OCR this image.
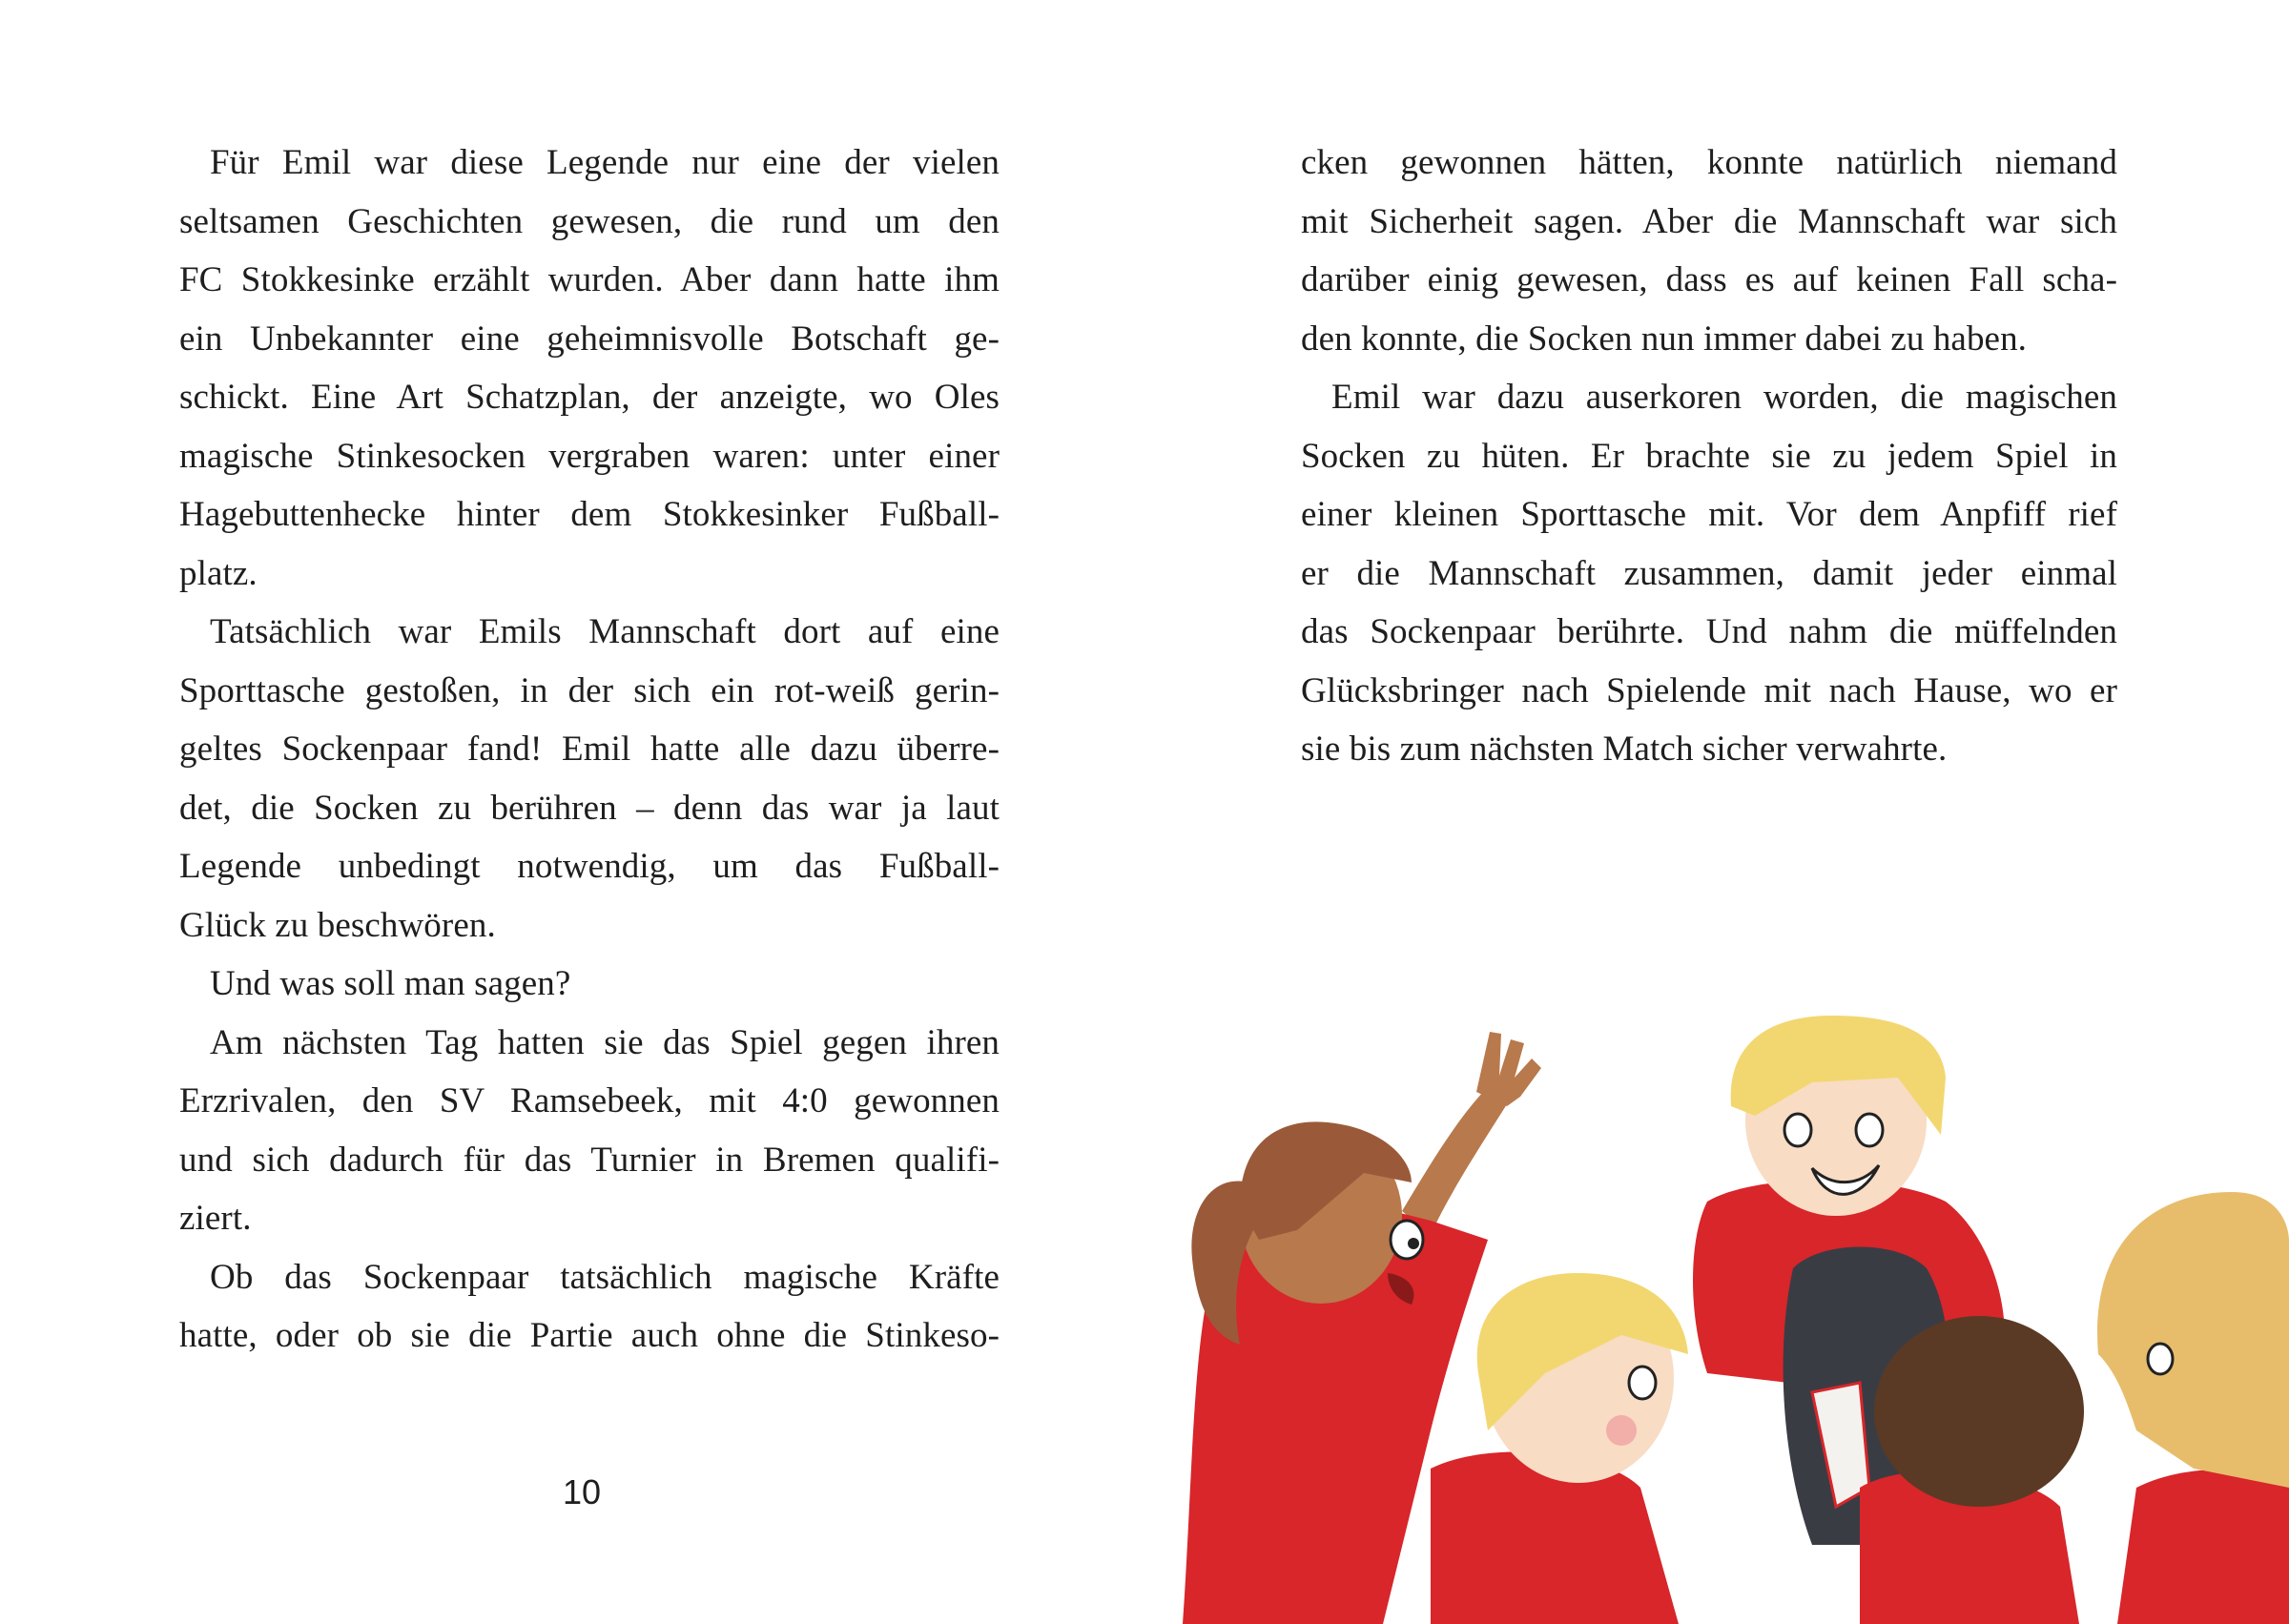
Für Emil war diese Legende nur eine der vielen
seltsamen Geschichten gewesen, die rund um den
FC Stokkesinke erzählt wurden. Aber dann hatte ihm
ein Unbekannter eine geheimnisvolle Botschaft ge-
schickt. Eine Art Schatzplan, der anzeigte, wo Oles
magische Stinkesocken vergraben waren: unter einer
Hagebuttenhecke hinter dem Stokkesinker Fußball-
platz.
Tatsächlich war Emils Mannschaft dort auf eine
Sporttasche gestoßen, in der sich ein rot-weiß gerin-
geltes Sockenpaar fand! Emil hatte alle dazu überre-
det, die Socken zu berühren – denn das war ja laut
Legende unbedingt notwendig, um das Fußball-
Glück zu beschwören.
Und was soll man sagen?
Am nächsten Tag hatten sie das Spiel gegen ihren
Erzrivalen, den SV Ramsebeek, mit 4:0 gewonnen
und sich dadurch für das Turnier in Bremen qualifi-
ziert.
Ob das Sockenpaar tatsächlich magische Kräfte
hatte, oder ob sie die Partie auch ohne die Stinkeso-
10
cken gewonnen hätten, konnte natürlich niemand
mit Sicherheit sagen. Aber die Mannschaft war sich
darüber einig gewesen, dass es auf keinen Fall scha-
den konnte, die Socken nun immer dabei zu haben.
Emil war dazu auserkoren worden, die magischen
Socken zu hüten. Er brachte sie zu jedem Spiel in
einer kleinen Sporttasche mit. Vor dem Anpfiff rief
er die Mannschaft zusammen, damit jeder einmal
das Sockenpaar berührte. Und nahm die müffelnden
Glücksbringer nach Spielende mit nach Hause, wo er
sie bis zum nächsten Match sicher verwahrte.
